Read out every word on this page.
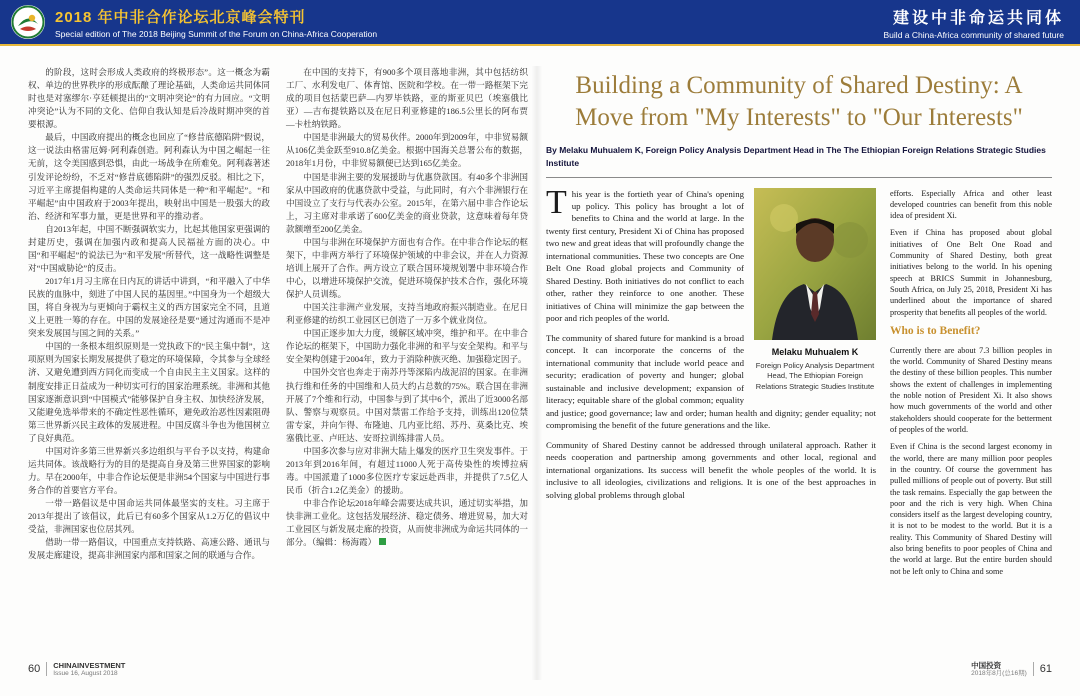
2018 年中非合作论坛北京峰会特刊
Special edition of The 2018 Beijing Summit of the Forum on China-Africa Cooperation
建设中非命运共同体
Build a China-Africa community of shared future

的阶段，这时会形成人类政府的终极形态”。这一概念为霸权、单边的世界秩序的形成酝酿了理论基础，人类命运共同体同时也是对塞缪尔·亨廷顿提出的“文明冲突论”的有力回应。“文明冲突论”认为不同的文化、信仰自我认知是后冷战时期冲突的首要根源。

最后，中国政府提出的概念也回应了“修昔底德陷阱”假说，这一说法由格雷厄姆·阿利森创造。阿利森认为中国之崛起一往无前，这令美国感到恐惧，由此一场战争在所难免。阿利森著述引发评论纷纷，不乏对“修昔底德陷阱”的强烈反驳。相比之下，习近平主席提倡构建的人类命运共同体是一种“和平崛起”。“和平崛起”由中国政府于2003年提出，映射出中国是一股强大的政治、经济和军事力量，更是世界和平的推动者。

自2013年起，中国不断强调软实力，比起其他国家更强调的封建历史，强调在加强内政和提高人民福祉方面的决心。中国“和平崛起”的说法已为“和平发展”所替代，这一战略性调整是对“中国威胁论”的反击。

2017年1月习主席在日内瓦的讲话中讲到，“和平融入了中华民族的血脉中，刻进了中国人民的基因里。”中国身为一个超级大国，将自身视为与更倾向于霸权主义的西方国家完全不同，且道义上更胜一筹的存在。中国的发展途径是要“通过沟通而不是冲突来发展国与国之间的关系。”

中国的一条根本组织原则是一党执政下的“民主集中制”，这项原则为国家长期发展提供了稳定的环境保障，令其参与全球经济、又避免遭到西方同化而变成一个自由民主主义国家。这样的制度安排正日益成为一种切实可行的国家治理系统。非洲和其他国家逐渐意识到“中国模式”能够保护自身主权、加快经济发展，又能避免选举带来的不确定性恶性循环，避免政治恶性因素阻碍第三世界新兴民主政体的发展进程。中国反腐斗争也为他国树立了良好典范。

中国对许多第三世界新兴多边组织与平台予以支持，构建命运共同体。该战略行为的目的是提高自身及第三世界国家的影响力。早在2000年，中非合作论坛便是非洲54个国家与中国进行事务合作的首要官方平台。

一带一路倡议是中国命运共同体最坚实的支柱。习主席于2013年提出了该倡议，此后已有60多个国家从1.2万亿的倡议中受益，非洲国家也位居其列。

借助一带一路倡议，中国重点支持铁路、高速公路、通讯与发展走廊建设，提高非洲国家内部和国家之间的联通与合作。

在中国的支持下，有900多个项目落地非洲，其中包括纺织工厂、水利发电厂、体育馆、医院和学校。在一带一路框架下完成的项目包括蒙巴萨—内罗毕铁路，亚的斯亚贝巴（埃塞俄比亚）—吉布提铁路以及在尼日利亚修建的186.5公里长的阿布贾—卡杜纳铁路。

中国是非洲最大的贸易伙伴。2000年到2009年，中非贸易额从106亿美金跃至910.8亿美金。根据中国海关总署公布的数据，2018年1月份，中非贸易额便已达到165亿美金。

中国是非洲主要的发展援助与优惠贷款国。有40多个非洲国家从中国政府的优惠贷款中受益，与此同时，有六个非洲银行在中国设立了支行与代表办公室。2015年，在第六届中非合作论坛上，习主席对非承诺了600亿美金的商业贷款，这意味着每年贷款额增至200亿美金。

中国与非洲在环境保护方面也有合作。在中非合作论坛的框架下，中非两方举行了环境保护领域的中非会议，并在人力资源培训上展开了合作。两方设立了联合国环境规划署中非环境合作中心，以增进环境保护交流，促进环境保护技术合作，强化环境保护人员训练。

中国关注非洲产业发展，支持当地政府振兴制造业。在尼日利亚修建的纺织工业园区已创造了一万多个就业岗位。

中国正逐步加大力度，缓解区域冲突，维护和平。在中非合作论坛的框架下，中国助力强化非洲的和平与安全架构。和平与安全架构创建于2004年，致力于消除种族灭绝、加强稳定因子。

中国外交官也奔走于南苏丹等深陷内战泥沼的国家。在非洲执行维和任务的中国维和人员大约占总数的75%。联合国在非洲开展了7个维和行动，中国参与到了其中6个，派出了近3000名部队、警察与观察员。中国对禁雷工作给予支持，训练出120位禁雷专家，并向乍得、布隆迪、几内亚比绍、苏丹、莫桑比克、埃塞俄比亚、卢旺达、安哥拉训练排雷人员。

中国多次参与应对非洲大陆上爆发的医疗卫生突发事件。于2013年到2016年间，有超过11000人死于高传染性的埃博拉病毒。中国派遣了1000多位医疗专家远赴西非，并提供了7.5亿人民币（折合1.2亿美金）的援助。

中非合作论坛2018年峰会需要达成共识，通过切实举措，加快非洲工业化。这包括发展经济、稳定债务、增进贸易，加大对工业园区与新发展走廊的投资，从而使非洲成为命运共同体的一部分。（编辑：杨海霞）

60 CHINAINVESTMENT
Issue 16, August 2018
Building a Community of Shared Destiny: A Move from "My Interests" to "Our Interests"

By Melaku Muhualem K, Foreign Policy Analysis Department Head in The The Ethiopian Foreign Relations Strategic Studies Institute

Melaku Muhualem K
Foreign Policy Analysis Department Head, The Ethiopian Foreign Relations Strategic Studies Institute

This year is the fortieth year of China's opening up policy. This policy has brought a lot of benefits to China and the world at large. In the twenty first century, President Xi of China has proposed two new and great ideas that will profoundly change the international communities. These two concepts are One Belt One Road global projects and Community of Shared Destiny. Both initiatives do not conflict to each other, rather they reinforce to one another. These initiatives of China will minimize the gap between the poor and rich peoples of the world.

The community of shared future for mankind is a broad concept. It can incorporate the concerns of the international community that include world peace and security; eradication of poverty and hunger; global sustainable and inclusive development; expansion of literacy; equitable share of the global common; equality and justice; good governance; law and order; human health and dignity; gender equality; not compromising the benefit of the future generations and the like.

Community of Shared Destiny cannot be addressed through unilateral approach. Rather it needs cooperation and partnership among governments and other local, regional and international organizations. Its success will benefit the whole peoples of the world. It is inclusive to all ideologies, civilizations and religions. It is one of the best approaches in solving global problems through global

efforts. Especially Africa and other least developed countries can benefit from this noble idea of president Xi.

Even if China has proposed about global initiatives of One Belt One Road and Community of Shared Destiny, both great initiatives belong to the world. In his opening speech at BRICS Summit in Johannesburg, South Africa, on July 25, 2018, President Xi has underlined about the importance of shared prosperity that benefits all peoples of the world.

Who is to Benefit?

Currently there are about 7.3 billion peoples in the world. Community of Shared Destiny means the destiny of these billion peoples. This number shows the extent of challenges in implementing the noble notion of President Xi. It also shows how much governments of the world and other stakeholders should cooperate for the betterment of peoples of the world.

Even if China is the second largest economy in the world, there are many million poor peoples in the country. Of course the government has pulled millions of people out of poverty. But still the task remains. Especially the gap between the poor and the rich is very high. When China considers itself as the largest developing country, it is not to be modest to the world. But it is a reality. This Community of Shared Destiny will also bring benefits to poor peoples of China and the world at large. But the entire burden should not be left only to China and some

中国投资
2018年8月(总16期) 61
